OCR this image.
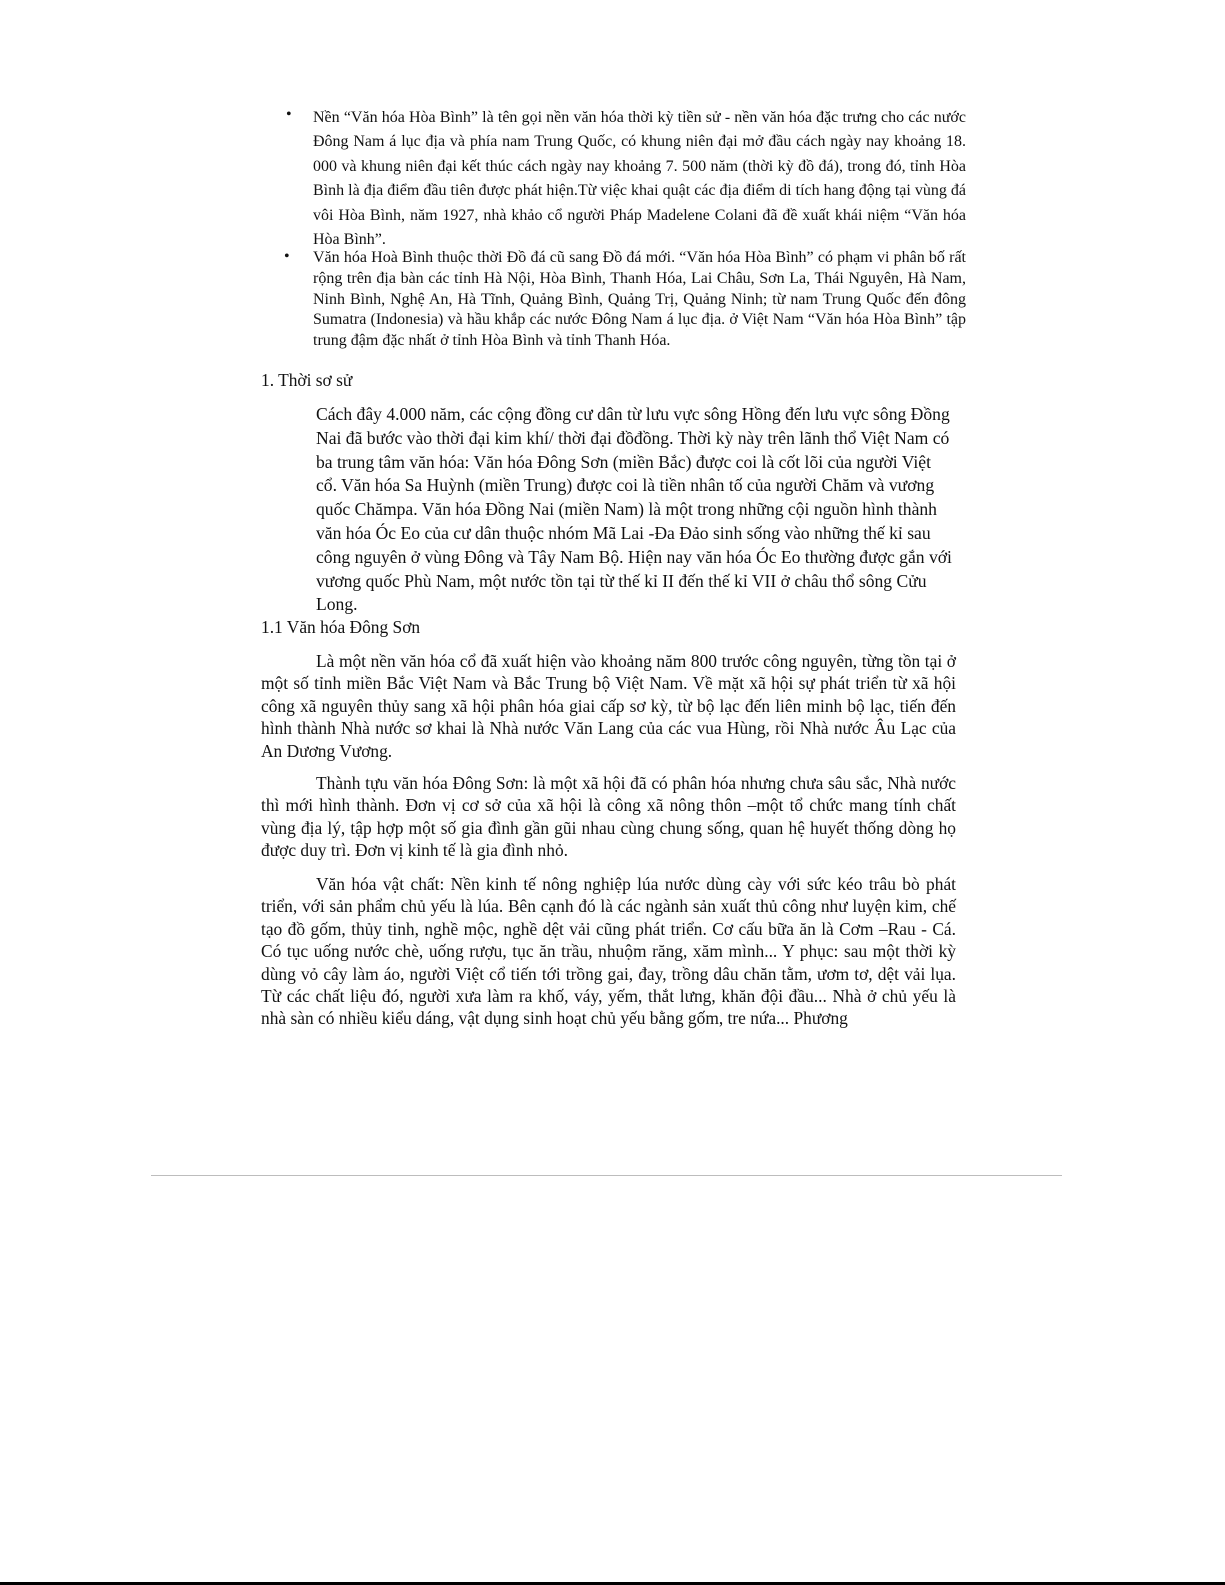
•	Nền “Văn hóa Hòa Bình” là tên gọi nền văn hóa thời kỳ tiền sử - nền văn hóa đặc trưng cho các nước Đông Nam á lục địa và phía nam Trung Quốc, có khung niên đại mở đầu cách ngày nay khoảng 18. 000 và khung niên đại kết thúc cách ngày nay khoảng 7. 500 năm (thời kỳ đồ đá), trong đó, tỉnh Hòa Bình là địa điểm đầu tiên được phát hiện.Từ việc khai quật các địa điểm di tích hang động tại vùng đá vôi Hòa Bình, năm 1927, nhà khảo cổ người Pháp Madelene Colani đã đề xuất khái niệm “Văn hóa Hòa Bình”.

•	Văn hóa Hoà Bình thuộc thời Đồ đá cũ sang Đồ đá mới. “Văn hóa Hòa Bình” có phạm vi phân bố rất rộng trên địa bàn các tỉnh Hà Nội, Hòa Bình, Thanh Hóa, Lai Châu, Sơn La, Thái Nguyên, Hà Nam, Ninh Bình, Nghệ An, Hà Tĩnh, Quảng Bình, Quảng Trị, Quảng Ninh; từ nam Trung Quốc đến đông Sumatra (Indonesia) và hầu khắp các nước Đông Nam á lục địa. ở Việt Nam “Văn hóa Hòa Bình” tập trung đậm đặc nhất ở tỉnh Hòa Bình và tỉnh Thanh Hóa.

1. Thời sơ sử

Cách đây 4.000 năm, các cộng đồng cư dân từ lưu vực sông Hồng đến lưu vực sông Đồng Nai đã bước vào thời đại kim khí/ thời đại đồđồng. Thời kỳ này trên lãnh thổ Việt Nam có ba trung tâm văn hóa: Văn hóa Đông Sơn (miền Bắc) được coi là cốt lõi của người Việt cổ. Văn hóa Sa Huỳnh (miền Trung) được coi là tiền nhân tố của người Chăm và vương quốc Chămpa. Văn hóa Đồng Nai (miền Nam) là một trong những cội nguồn hình thành văn hóa Óc Eo của cư dân thuộc nhóm Mã Lai -Đa Đảo sinh sống vào những thế kỉ sau công nguyên ở vùng Đông và Tây Nam Bộ. Hiện nay văn hóa Óc Eo thường được gắn với vương quốc Phù Nam, một nước tồn tại từ thế kỉ II đến thế kỉ VII ở châu thổ sông Cửu Long.

1.1 Văn hóa Đông Sơn

Là một nền văn hóa cổ đã xuất hiện vào khoảng năm 800 trước công nguyên, từng tồn tại ở một số tỉnh miền Bắc Việt Nam và Bắc Trung bộ Việt Nam. Về mặt xã hội sự phát triển từ xã hội công xã nguyên thủy sang xã hội phân hóa giai cấp sơ kỳ, từ bộ lạc đến liên minh bộ lạc, tiến đến hình thành Nhà nước sơ khai là Nhà nước Văn Lang của các vua Hùng, rồi Nhà nước Âu Lạc của An Dương Vương.

Thành tựu văn hóa Đông Sơn: là một xã hội đã có phân hóa nhưng chưa sâu sắc, Nhà nước thì mới hình thành. Đơn vị cơ sở của xã hội là công xã nông thôn –một tổ chức mang tính chất vùng địa lý, tập hợp một số gia đình gần gũi nhau cùng chung sống, quan hệ huyết thống dòng họ được duy trì. Đơn vị kinh tế là gia đình nhỏ.

Văn hóa vật chất: Nền kinh tế nông nghiệp lúa nước dùng cày với sức kéo trâu bò phát triển, với sản phẩm chủ yếu là lúa. Bên cạnh đó là các ngành sản xuất thủ công như luyện kim, chế tạo đồ gốm, thủy tinh, nghề mộc, nghề dệt vải cũng phát triển. Cơ cấu bữa ăn là Cơm –Rau - Cá. Có tục uống nước chè, uống rượu, tục ăn trầu, nhuộm răng, xăm mình... Y phục: sau một thời kỳ dùng vỏ cây làm áo, người Việt cổ tiến tới trồng gai, đay, trồng dâu chăn tằm, ươm tơ, dệt vải lụa. Từ các chất liệu đó, người xưa làm ra khố, váy, yếm, thắt lưng, khăn đội đầu... Nhà ở chủ yếu là nhà sàn có nhiều kiểu dáng, vật dụng sinh hoạt chủ yếu bằng gốm, tre nứa... Phương
